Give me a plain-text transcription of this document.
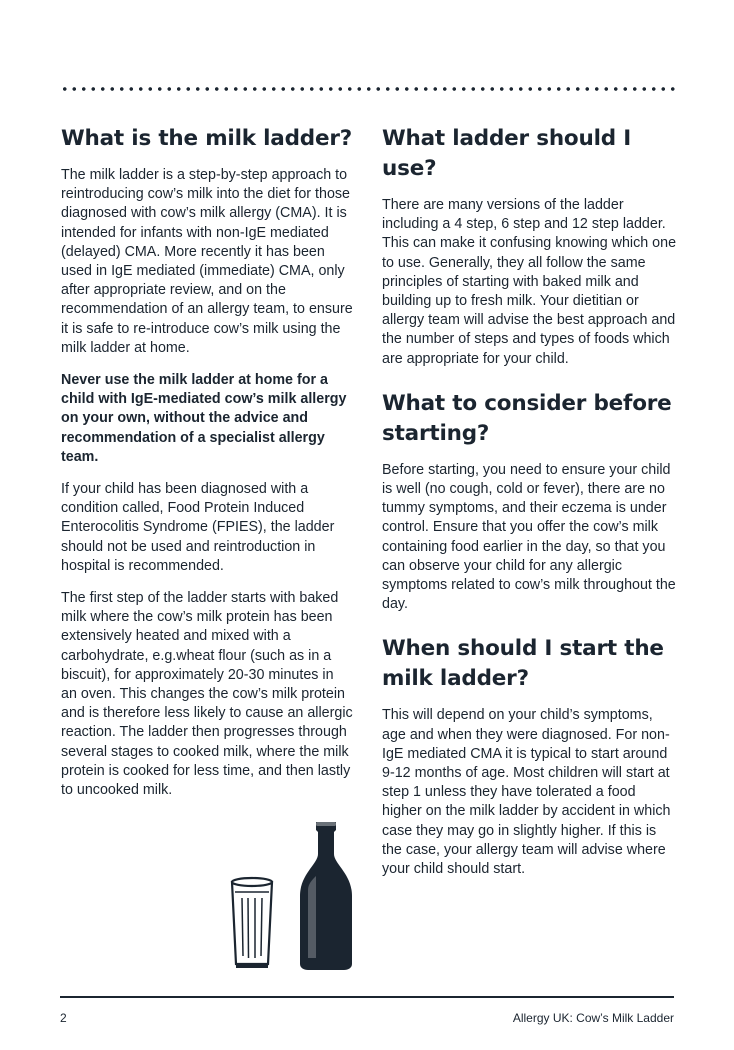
What is the milk ladder?

The milk ladder is a step-by-step approach to reintroducing cow’s milk into the diet for those diagnosed with cow’s milk allergy (CMA). It is intended for infants with non-IgE mediated (delayed) CMA. More recently it has been used in IgE mediated (immediate) CMA, only after appropriate review, and on the recommendation of an allergy team, to ensure it is safe to re-introduce cow’s milk using the milk ladder at home.

Never use the milk ladder at home for a child with IgE-mediated cow’s milk allergy on your own, without the advice and recommendation of a specialist allergy team.

If your child has been diagnosed with a condition called, Food Protein Induced Enterocolitis Syndrome (FPIES), the ladder should not be used and reintroduction in hospital is recommended.

The first step of the ladder starts with baked milk where the cow’s milk protein has been extensively heated and mixed with a carbohydrate, e.g.wheat flour (such as in a biscuit), for approximately 20-30 minutes in an oven. This changes the cow’s milk protein and is therefore less likely to cause an allergic reaction. The ladder then progresses through several stages to cooked milk, where the milk protein is cooked for less time, and then lastly to uncooked milk.

What ladder should I use?

There are many versions of the ladder including a 4 step, 6 step and 12 step ladder. This can make it confusing knowing which one to use. Generally, they all follow the same principles of starting with baked milk and building up to fresh milk. Your dietitian or allergy team will advise the best approach and the number of steps and types of foods which are appropriate for your child.

What to consider before starting?

Before starting, you need to ensure your child is well (no cough, cold or fever), there are no tummy symptoms, and their eczema is under control. Ensure that you offer the cow’s milk containing food earlier in the day, so that you can observe your child for any allergic symptoms related to cow’s milk throughout the day.

When should I start the milk ladder?

This will depend on your child’s symptoms, age and when they were diagnosed. For non-IgE mediated CMA it is typical to start around 9-12 months of age. Most children will start at step 1 unless they have tolerated a food higher on the milk ladder by accident in which case they may go in slightly higher. If this is the case, your allergy team will advise where your child should start.

2	Allergy UK: Cow’s Milk Ladder
